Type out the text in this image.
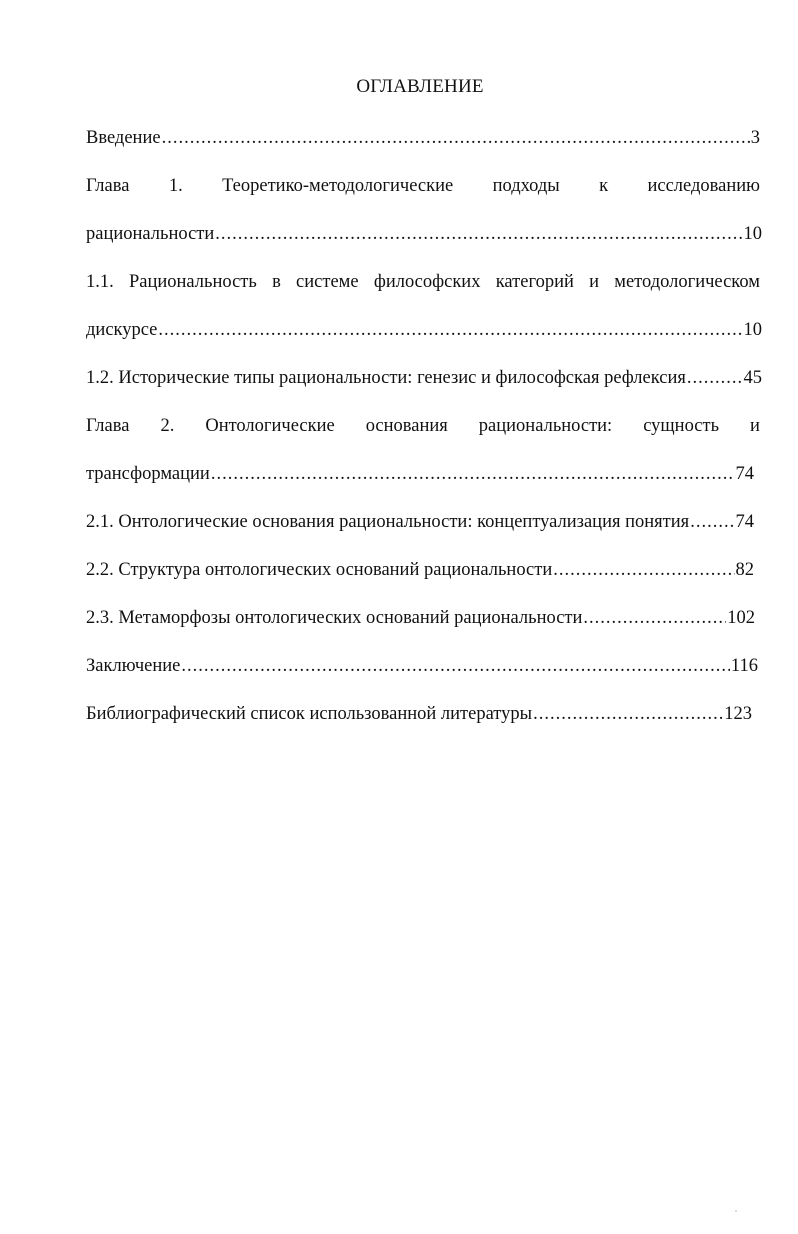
ОГЛАВЛЕНИЕ
Введение .....	3
Глава 1. Теоретико-методологические подходы к исследованию
рациональности .....	10
1.1. Рациональность в системе философских категорий и методологическом
дискурсе .....	10
1.2. Исторические типы рациональности: генезис и философская рефлексия .....	45
Глава 2. Онтологические основания рациональности: сущность и
трансформации .....	74
2.1. Онтологические основания рациональности: концептуализация понятия .....	74
2.2. Структура онтологических оснований рациональности .....	82
2.3. Метаморфозы онтологических оснований рациональности .....	102
Заключение .....	116
Библиографический список использованной литературы .....	123
